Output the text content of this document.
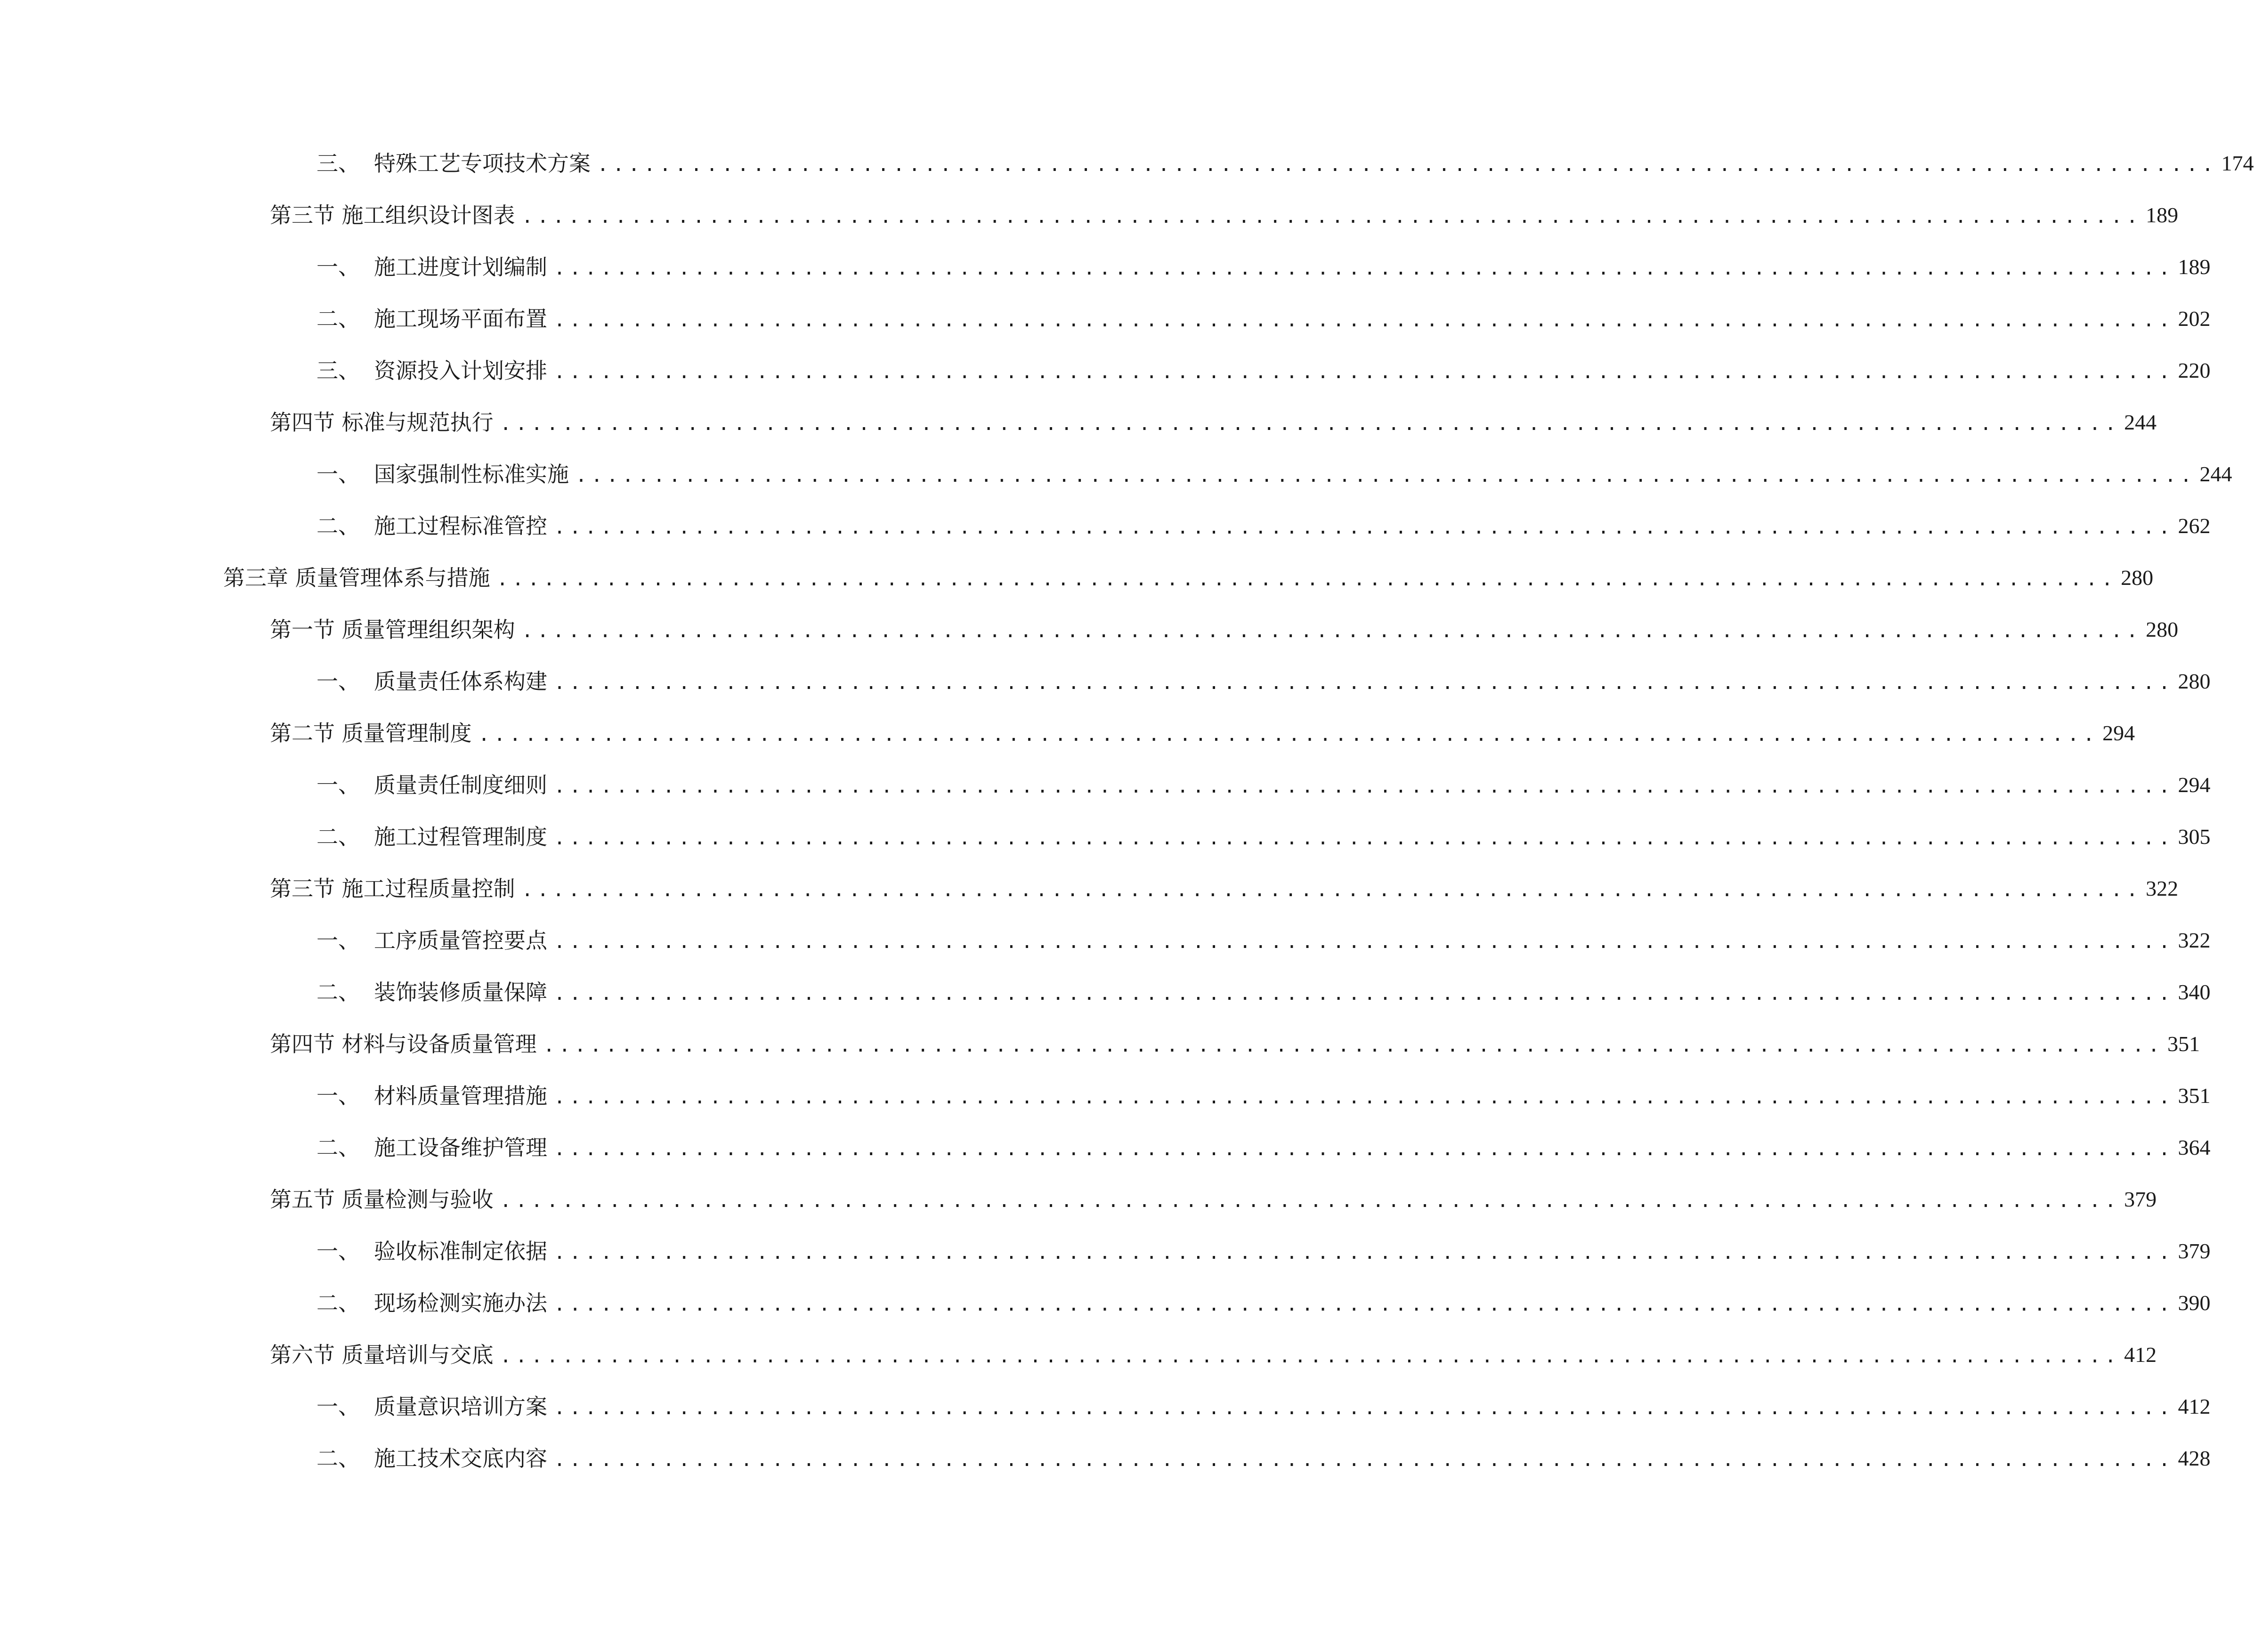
三、 特殊工艺专项技术方案 ........................................................................................................ 174
第三节
施工组织设计图表 ........................................................................................................ 189
一、 施工进度计划编制 ........................................................................................................ 189
二、 施工现场平面布置 ........................................................................................................ 202
三、 资源投入计划安排 ........................................................................................................ 220
第四节
标准与规范执行 ........................................................................................................ 244
一、 国家强制性标准实施 ........................................................................................................ 244
二、 施工过程标准管控 ........................................................................................................ 262
第三章
质量管理体系与措施 ........................................................................................................ 280
第一节
质量管理组织架构 ........................................................................................................ 280
一、 质量责任体系构建 ........................................................................................................ 280
第二节
质量管理制度 ........................................................................................................ 294
一、 质量责任制度细则 ........................................................................................................ 294
二、 施工过程管理制度 ........................................................................................................ 305
第三节
施工过程质量控制 ........................................................................................................ 322
一、 工序质量管控要点 ........................................................................................................ 322
二、 装饰装修质量保障 ........................................................................................................ 340
第四节
材料与设备质量管理 ........................................................................................................ 351
一、 材料质量管理措施 ........................................................................................................ 351
二、 施工设备维护管理 ........................................................................................................ 364
第五节
质量检测与验收 ........................................................................................................ 379
一、 验收标准制定依据 ........................................................................................................ 379
二、 现场检测实施办法 ........................................................................................................ 390
第六节
质量培训与交底 ........................................................................................................ 412
一、 质量意识培训方案 ........................................................................................................ 412
二、 施工技术交底内容 ........................................................................................................ 428
